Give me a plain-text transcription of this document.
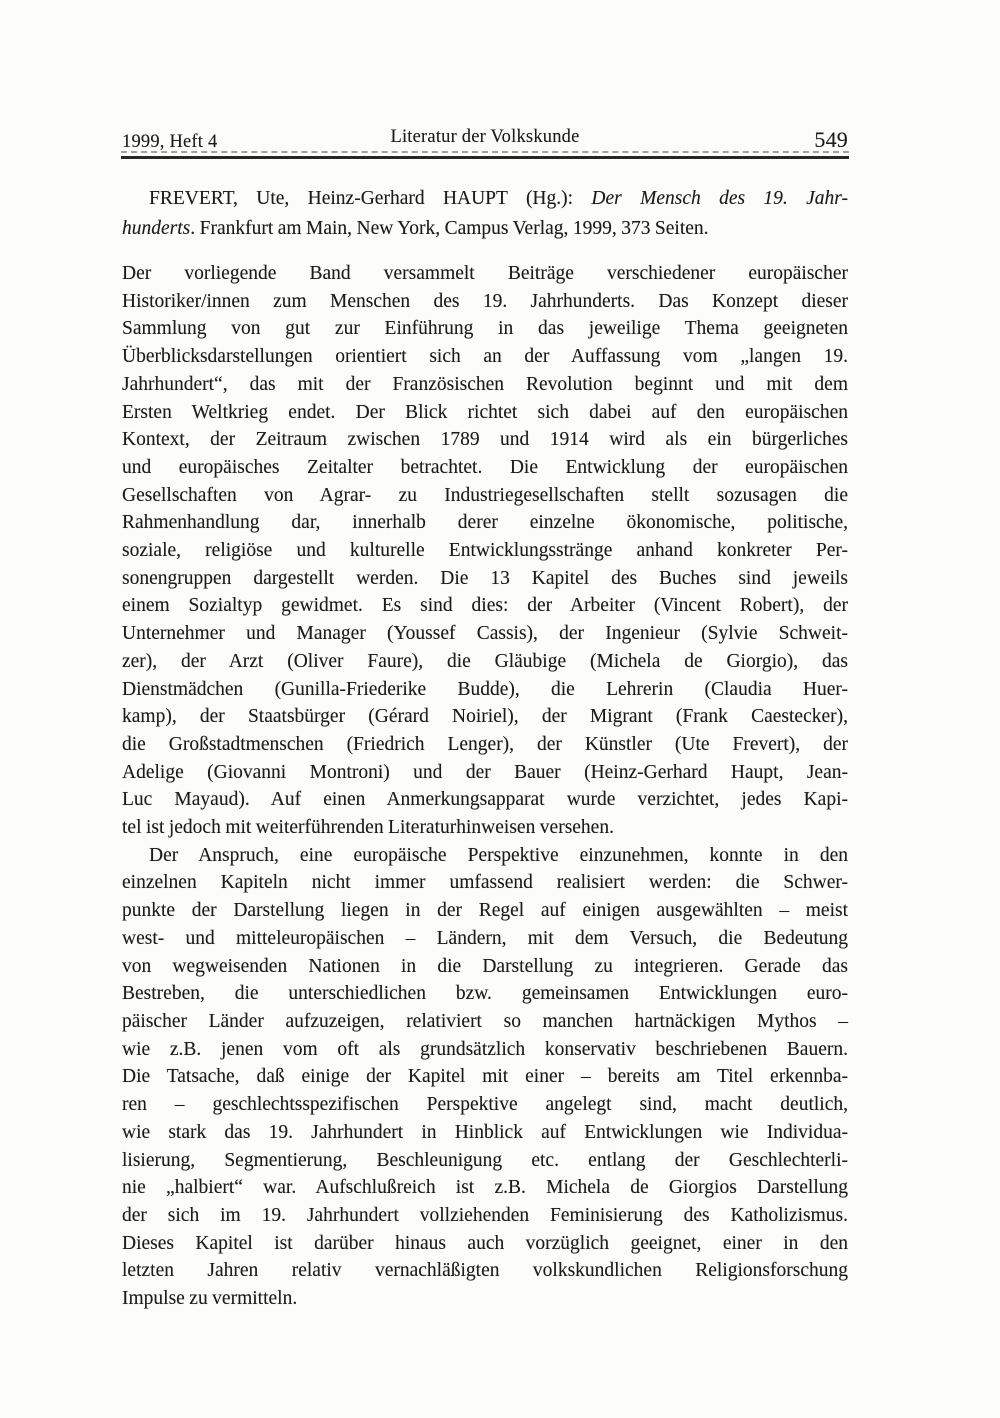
1999, Heft 4	Literatur der Volkskunde	549
FREVERT, Ute, Heinz-Gerhard HAUPT (Hg.): Der Mensch des 19. Jahr-
hunderts. Frankfurt am Main, New York, Campus Verlag, 1999, 373 Seiten.
Der vorliegende Band versammelt Beiträge verschiedener europäischer
Historiker/innen zum Menschen des 19. Jahrhunderts. Das Konzept dieser
Sammlung von gut zur Einführung in das jeweilige Thema geeigneten
Überblicksdarstellungen orientiert sich an der Auffassung vom „langen 19.
Jahrhundert“, das mit der Französischen Revolution beginnt und mit dem
Ersten Weltkrieg endet. Der Blick richtet sich dabei auf den europäischen
Kontext, der Zeitraum zwischen 1789 und 1914 wird als ein bürgerliches
und europäisches Zeitalter betrachtet. Die Entwicklung der europäischen
Gesellschaften von Agrar- zu Industriegesellschaften stellt sozusagen die
Rahmenhandlung dar, innerhalb derer einzelne ökonomische, politische,
soziale, religiöse und kulturelle Entwicklungsstränge anhand konkreter Per-
sonengruppen dargestellt werden. Die 13 Kapitel des Buches sind jeweils
einem Sozialtyp gewidmet. Es sind dies: der Arbeiter (Vincent Robert), der
Unternehmer und Manager (Youssef Cassis), der Ingenieur (Sylvie Schweit-
zer), der Arzt (Oliver Faure), die Gläubige (Michela de Giorgio), das
Dienstmädchen (Gunilla-Friederike Budde), die Lehrerin (Claudia Huer-
kamp), der Staatsbürger (Gérard Noiriel), der Migrant (Frank Caestecker),
die Großstadtmenschen (Friedrich Lenger), der Künstler (Ute Frevert), der
Adelige (Giovanni Montroni) und der Bauer (Heinz-Gerhard Haupt, Jean-
Luc Mayaud). Auf einen Anmerkungsapparat wurde verzichtet, jedes Kapi-
tel ist jedoch mit weiterführenden Literaturhinweisen versehen.
Der Anspruch, eine europäische Perspektive einzunehmen, konnte in den
einzelnen Kapiteln nicht immer umfassend realisiert werden: die Schwer-
punkte der Darstellung liegen in der Regel auf einigen ausgewählten – meist
west- und mitteleuropäischen – Ländern, mit dem Versuch, die Bedeutung
von wegweisenden Nationen in die Darstellung zu integrieren. Gerade das
Bestreben, die unterschiedlichen bzw. gemeinsamen Entwicklungen euro-
päischer Länder aufzuzeigen, relativiert so manchen hartnäckigen Mythos –
wie z.B. jenen vom oft als grundsätzlich konservativ beschriebenen Bauern.
Die Tatsache, daß einige der Kapitel mit einer – bereits am Titel erkennba-
ren – geschlechtsspezifischen Perspektive angelegt sind, macht deutlich,
wie stark das 19. Jahrhundert in Hinblick auf Entwicklungen wie Individua-
lisierung, Segmentierung, Beschleunigung etc. entlang der Geschlechterli-
nie „halbiert“ war. Aufschlußreich ist z.B. Michela de Giorgios Darstellung
der sich im 19. Jahrhundert vollziehenden Feminisierung des Katholizismus.
Dieses Kapitel ist darüber hinaus auch vorzüglich geeignet, einer in den
letzten Jahren relativ vernachläßigten volkskundlichen Religionsforschung
Impulse zu vermitteln.
